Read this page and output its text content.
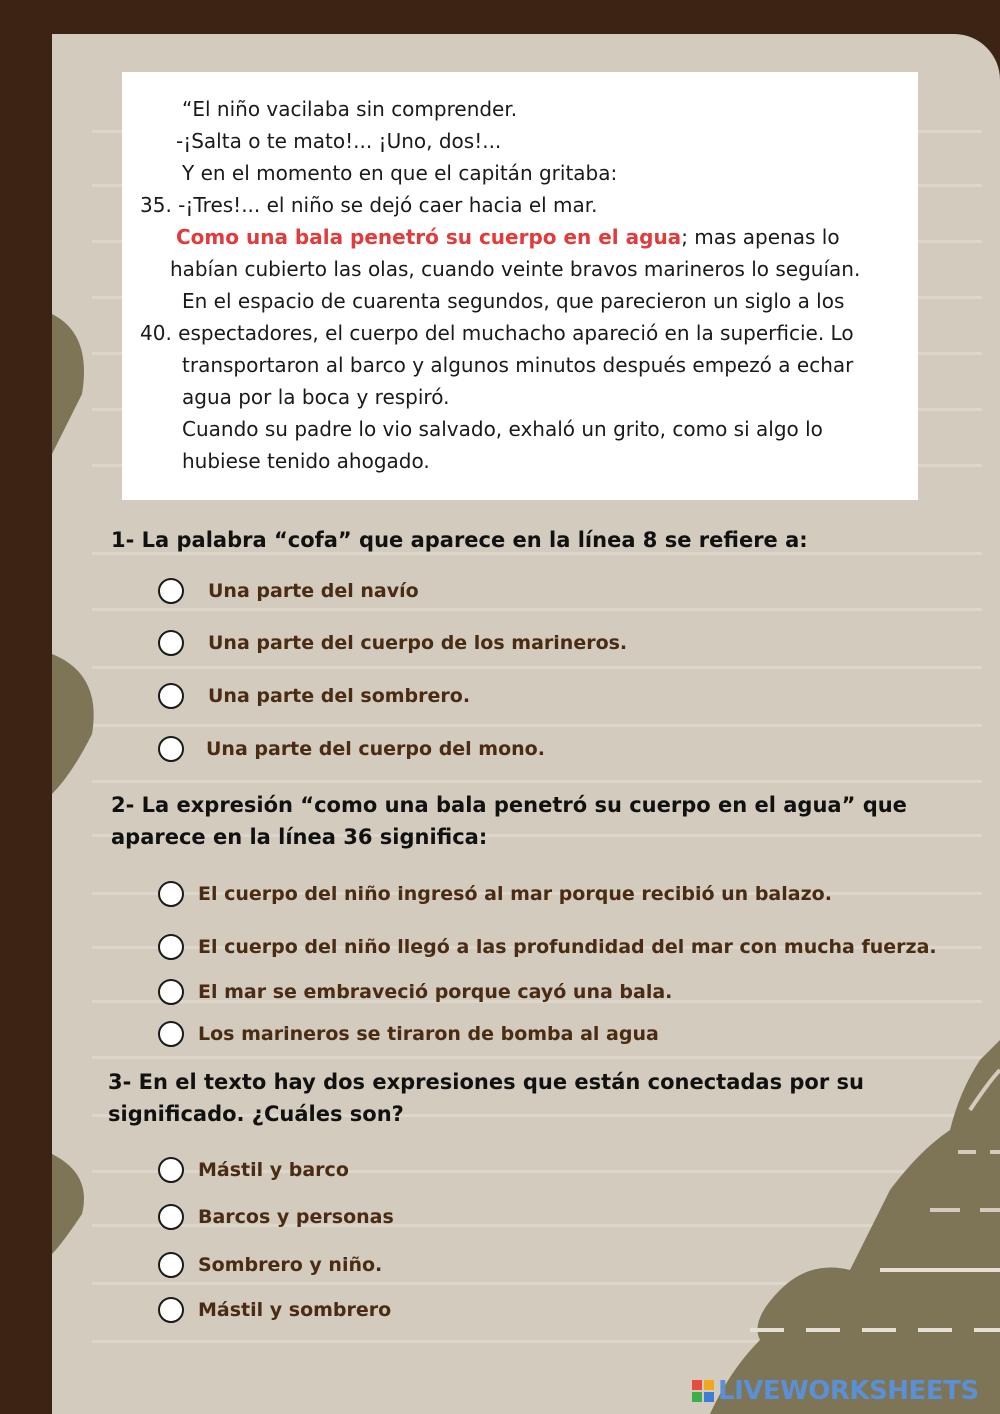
“El niño vacilaba sin comprender.
-¡Salta o te mato!... ¡Uno, dos!...
Y en el momento en que el capitán gritaba:
35. -¡Tres!... el niño se dejó caer hacia el mar.
Como una bala penetró su cuerpo en el agua; mas apenas lo
habían cubierto las olas, cuando veinte bravos marineros lo seguían.
En el espacio de cuarenta segundos, que parecieron un siglo a los
40. espectadores, el cuerpo del muchacho apareció en la superficie. Lo
transportaron al barco y algunos minutos después empezó a echar
agua por la boca y respiró.
Cuando su padre lo vio salvado, exhaló un grito, como si algo lo
hubiese tenido ahogado.
1- La palabra “cofa” que aparece en la línea 8 se refiere a:
Una parte del navío
Una parte del cuerpo de los marineros.
Una parte del sombrero.
Una parte del cuerpo del mono.
2- La expresión “como una bala penetró su cuerpo en el agua” que
aparece en la línea 36 significa:
El cuerpo del niño ingresó al mar porque recibió un balazo.
El cuerpo del niño llegó a las profundidad del mar con mucha fuerza.
El mar se embraveció porque cayó una bala.
Los marineros se tiraron de bomba al agua
3- En el texto hay dos expresiones que están conectadas por su
significado. ¿Cuáles son?
Mástil y barco
Barcos y personas
Sombrero y niño.
Mástil y sombrero
LIVEWORKSHEETS
